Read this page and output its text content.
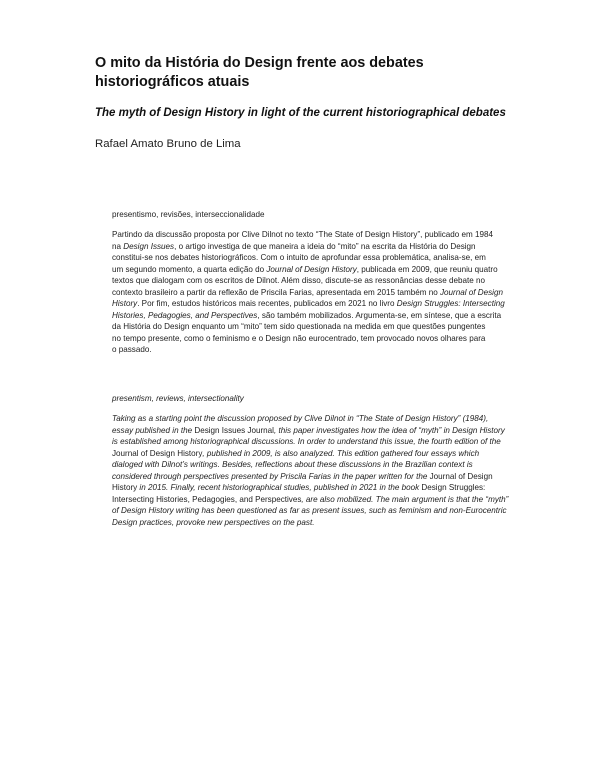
O mito da História do Design frente aos debates historiográficos atuais
The myth of Design History in light of the current historiographical debates
Rafael Amato Bruno de Lima
presentismo, revisões, interseccionalidade

Partindo da discussão proposta por Clive Dilnot no texto “The State of Design History”, publicado em 1984
na Design Issues, o artigo investiga de que maneira a ideia do “mito” na escrita da História do Design
constitui-se nos debates historiográficos. Com o intuito de aprofundar essa problemática, analisa-se, em
um segundo momento, a quarta edição do Journal of Design History, publicada em 2009, que reuniu quatro
textos que dialogam com os escritos de Dilnot. Além disso, discute-se as ressonâncias desse debate no
contexto brasileiro a partir da reflexão de Priscila Farias, apresentada em 2015 também no Journal of Design
History. Por fim, estudos históricos mais recentes, publicados em 2021 no livro Design Struggles: Intersecting
Histories, Pedagogies, and Perspectives, são também mobilizados. Argumenta-se, em síntese, que a escrita
da História do Design enquanto um “mito” tem sido questionada na medida em que questões pungentes
no tempo presente, como o feminismo e o Design não eurocentrado, tem provocado novos olhares para
o passado.

presentism, reviews, intersectionality

Taking as a starting point the discussion proposed by Clive Dilnot in “The State of Design History” (1984),
essay published in the Design Issues Journal, this paper investigates how the idea of “myth” in Design History
is established among historiographical discussions. In order to understand this issue, the fourth edition of the
Journal of Design History, published in 2009, is also analyzed. This edition gathered four essays which
dialoged with Dilnot’s writings. Besides, reflections about these discussions in the Brazilian context is
considered through perspectives presented by Priscila Farias in the paper written for the Journal of Design
History in 2015. Finally, recent historiographical studies, published in 2021 in the book Design Struggles:
Intersecting Histories, Pedagogies, and Perspectives, are also mobilized. The main argument is that the “myth”
of Design History writing has been questioned as far as present issues, such as feminism and non-Eurocentric
Design practices, provoke new perspectives on the past.
